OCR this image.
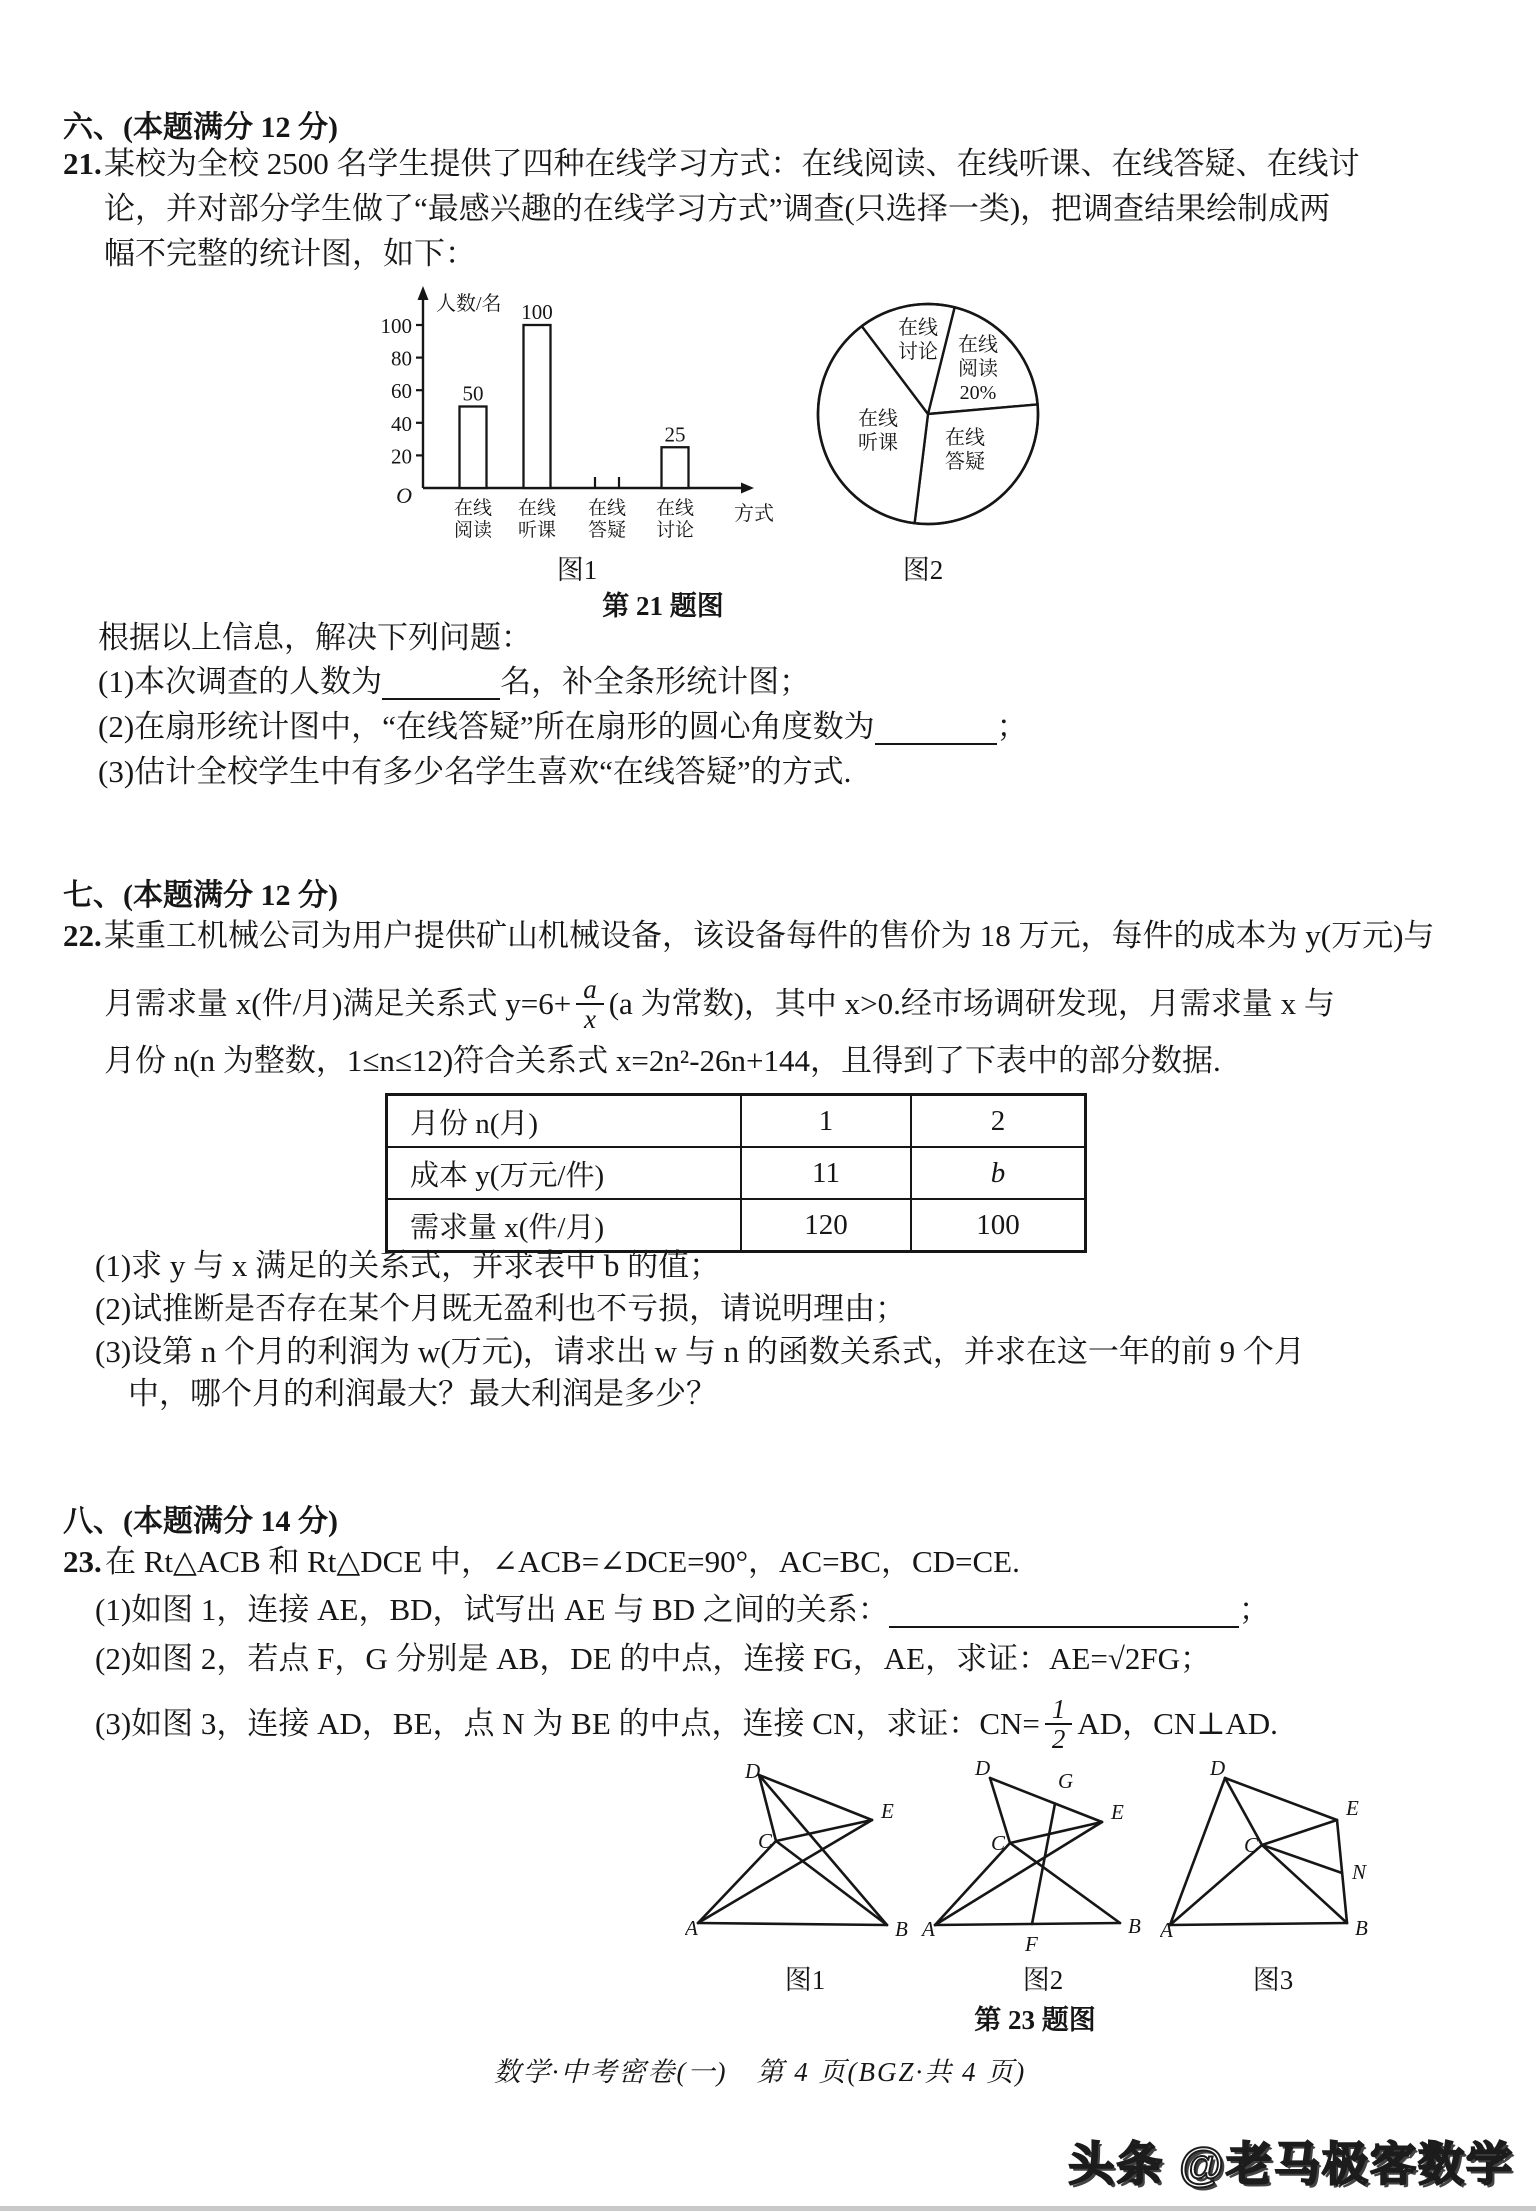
六、(本题满分 12 分)
21. 某校为全校 2500 名学生提供了四种在线学习方式：在线阅读、在线听课、在线答疑、在线讨
论，并对部分学生做了“最感兴趣的在线学习方式”调查(只选择一类)，把调查结果绘制成两
幅不完整的统计图，如下：
人数/名
方式
O
20
40
60
80
100
50
100
25
在线
阅读
在线
听课
在线
答疑
在线
讨论
图1
在线
阅读
20%
在线
答疑
在线
听课
在线
讨论
图2
第 21 题图
根据以上信息，解决下列问题：
(1)本次调查的人数为	名，补全条形统计图；
(2)在扇形统计图中，“在线答疑”所在扇形的圆心角度数为	；
(3)估计全校学生中有多少名学生喜欢“在线答疑”的方式.
七、(本题满分 12 分)
22. 某重工机械公司为用户提供矿山机械设备，该设备每件的售价为 18 万元，每件的成本为 y(万元)与
月需求量 x(件/月)满足关系式 $y=6+ \frac{a}{x} (a$ 为常数)，其中 x>0.经市场调研发现，月需求量 x 与
月份 n(n 为整数，1≤n≤12)符合关系式 x=2n²-26n+144，且得到了下表中的部分数据.
月份 n(月)	1	2
成本 y(万元/件)	11	b
需求量 x(件/月)	120	100
(1)求 y 与 x 满足的关系式，并求表中 b 的值；
(2)试推断是否存在某个月既无盈利也不亏损，请说明理由；
(3)设第 n 个月的利润为 w(万元)，请求出 w 与 n 的函数关系式，并求在这一年的前 9 个月
中，哪个月的利润最大？最大利润是多少？
八、(本题满分 14 分)
23. 在 Rt△ACB 和 Rt△DCE 中，∠ACB=∠DCE=90°，AC=BC，CD=CE.
(1)如图 1，连接 AE，BD，试写出 AE 与 BD 之间的关系：	；
(2)如图 2，若点 F，G 分别是 AB，DE 的中点，连接 FG，AE，求证：AE=√2FG；
(3)如图 3，连接 AD，BE，点 N 为 BE 的中点，连接 CN，求证：$CN= \frac{1}{2}$ AD，CN⊥AD.
D
E
C
A	B
D
G
E
C
A	B
F
D
E
C
N
A	B
图1	图2	图3
第 23 题图
数学·中考密卷(一)　第 4 页(BGZ·共 4 页)
头条 @老马极客数学
